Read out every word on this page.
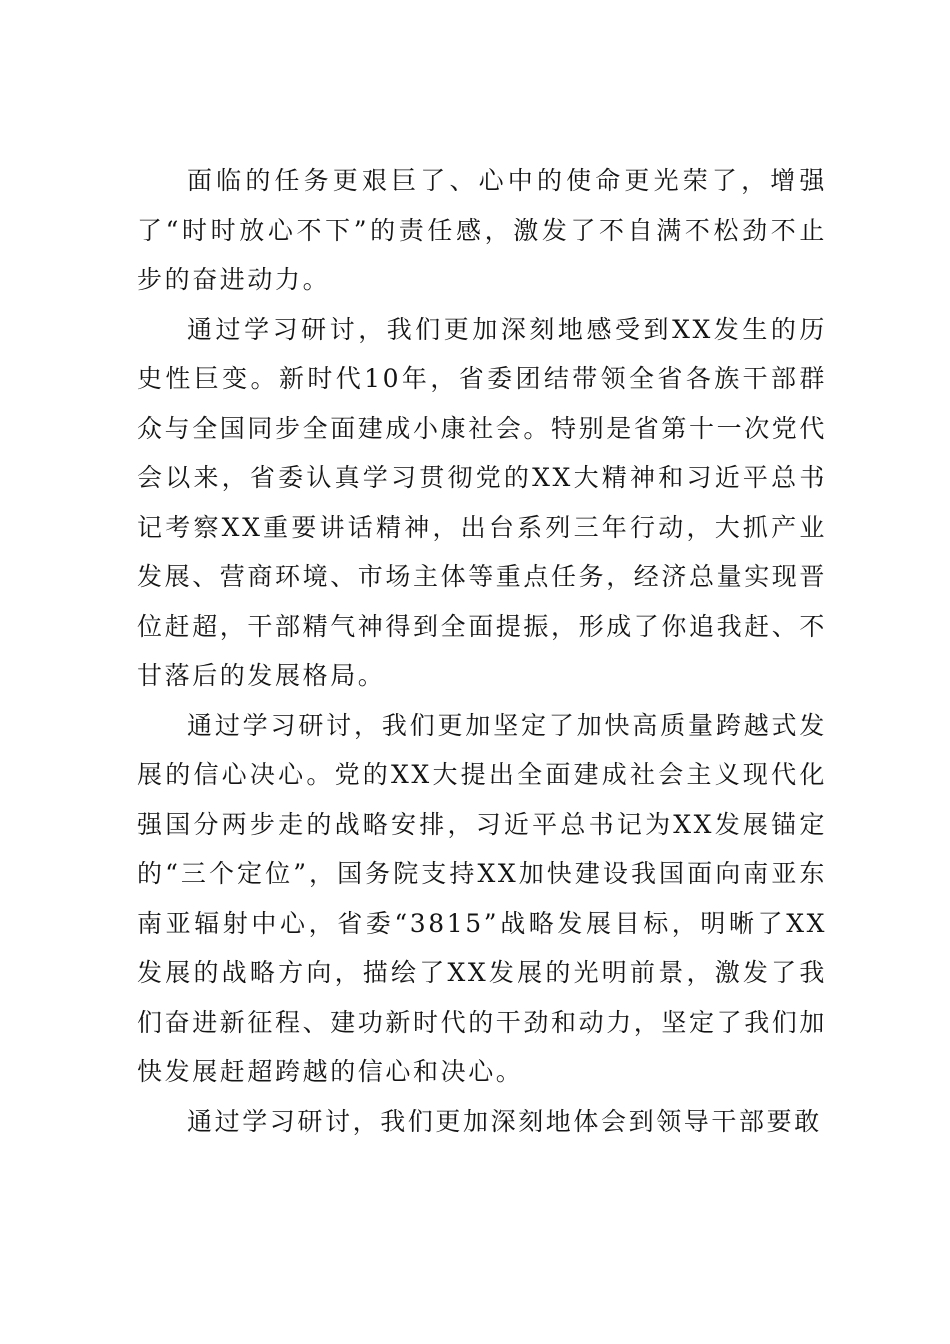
面临的任务更艰巨了、心中的使命更光荣了，增强了“时时放心不下”的责任感，激发了不自满不松劲不止步的奋进动力。

通过学习研讨，我们更加深刻地感受到XX发生的历史性巨变。新时代10年，省委团结带领全省各族干部群众与全国同步全面建成小康社会。特别是省第十一次党代会以来，省委认真学习贯彻党的XX大精神和习近平总书记考察XX重要讲话精神，出台系列三年行动，大抓产业发展、营商环境、市场主体等重点任务，经济总量实现晋位赶超，干部精气神得到全面提振，形成了你追我赶、不甘落后的发展格局。

通过学习研讨，我们更加坚定了加快高质量跨越式发展的信心决心。党的XX大提出全面建成社会主义现代化强国分两步走的战略安排，习近平总书记为XX发展锚定的“三个定位”，国务院支持XX加快建设我国面向南亚东南亚辐射中心，省委“3815”战略发展目标，明晰了XX发展的战略方向，描绘了XX发展的光明前景，激发了我们奋进新征程、建功新时代的干劲和动力，坚定了我们加快发展赶超跨越的信心和决心。

通过学习研讨，我们更加深刻地体会到领导干部要敢
